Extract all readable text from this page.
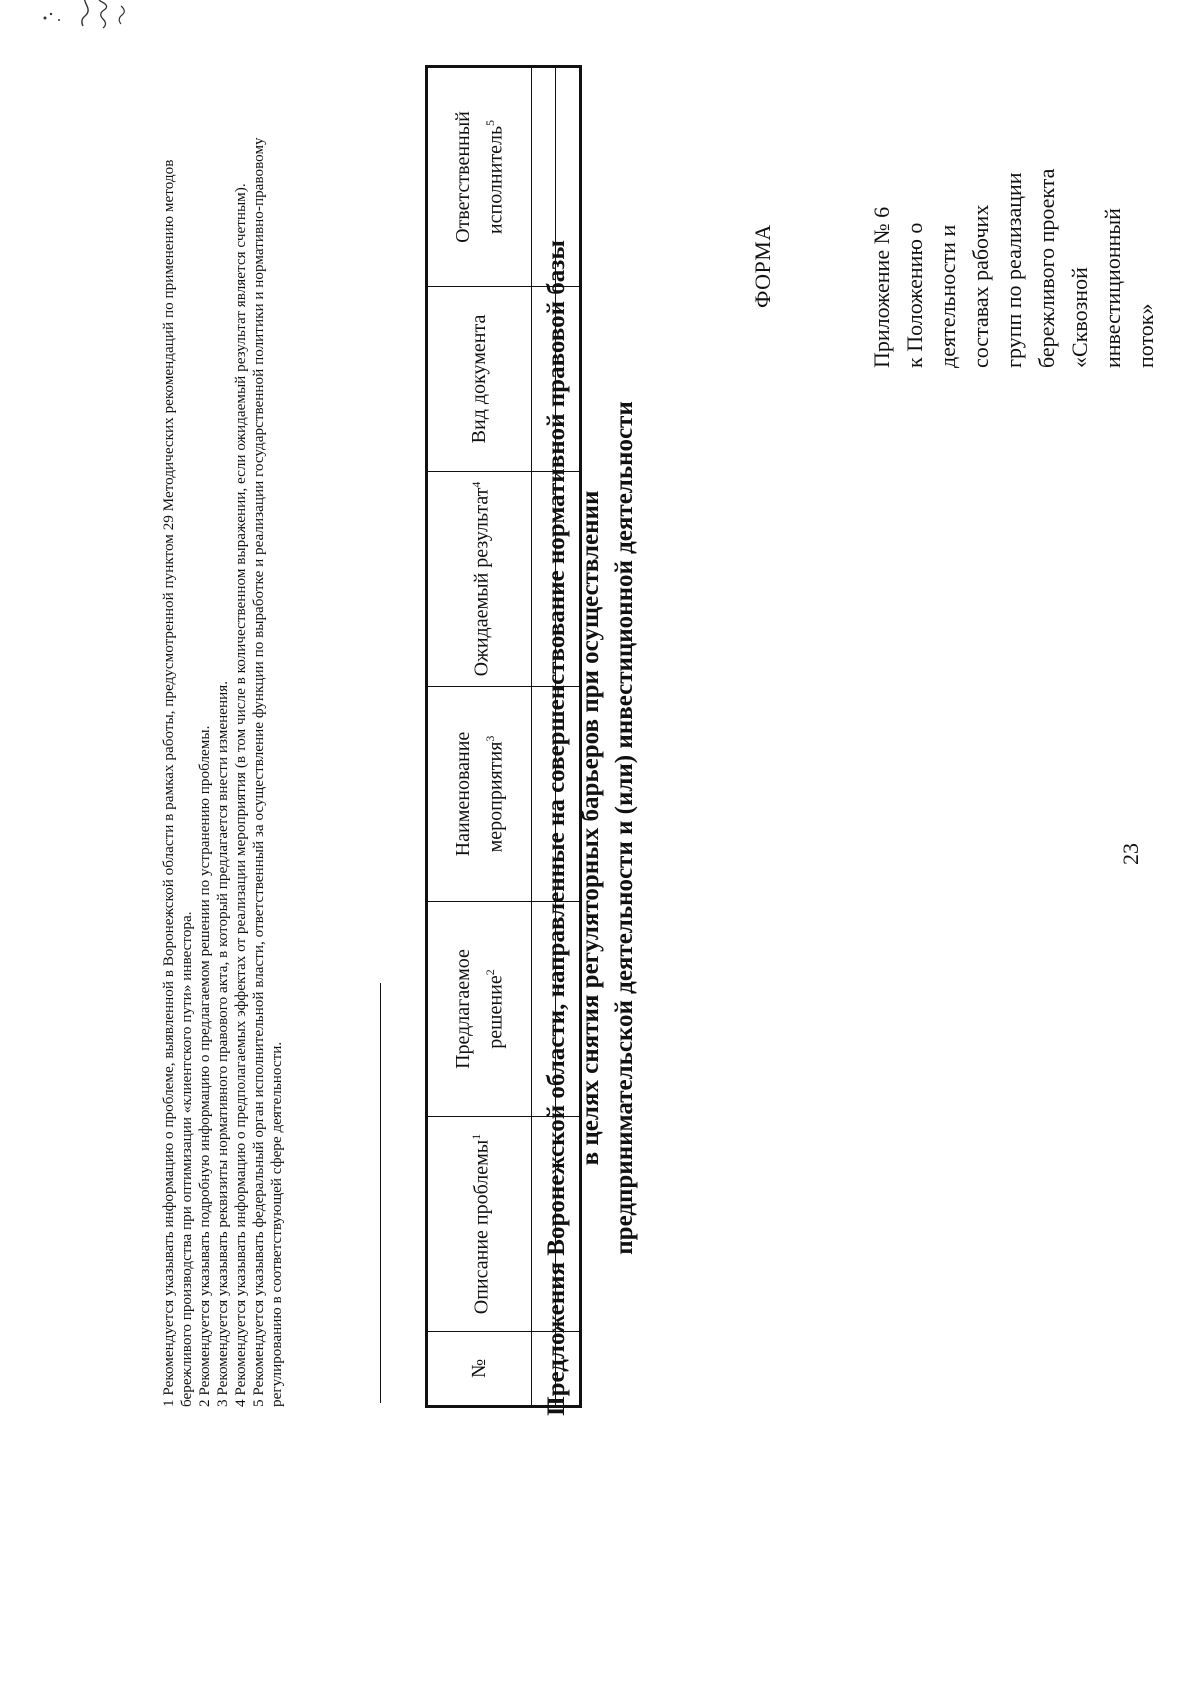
23
Приложение № 6 к Положению о деятельности и составах рабочих групп по реализации бережливого проекта «Сквозной инвестиционный поток»
ФОРМА
Предложения Воронежской области, направленные на совершенствование нормативной правовой базы в целях снятия регуляторных барьеров при осуществлении предпринимательской деятельности и (или) инвестиционной деятельности
№	Описание проблемы$^1$	Предлагаемое решение$^2$	Наименование мероприятия$^3$	Ожидаемый результат$^4$	Вид документа	Ответственный исполнитель$^5$

1 Рекомендуется указывать информацию о проблеме, выявленной в Воронежской области в рамках работы, предусмотренной пунктом 29 Методических рекомендаций по применению методов бережливого производства при оптимизации «клиентского пути» инвестора. 2 Рекомендуется указывать подробную информацию о предлагаемом решении по устранению проблемы. 3 Рекомендуется указывать реквизиты нормативного правового акта, в который предлагается внести изменения. 4 Рекомендуется указывать информацию о предполагаемых эффектах от реализации мероприятия (в том числе в количественном выражении, если ожидаемый результат является счетным). 5 Рекомендуется указывать федеральный орган исполнительной власти, ответственный за осуществление функции по выработке и реализации государственной политики и нормативно-правовому регулированию в соответствующей сфере деятельности.
